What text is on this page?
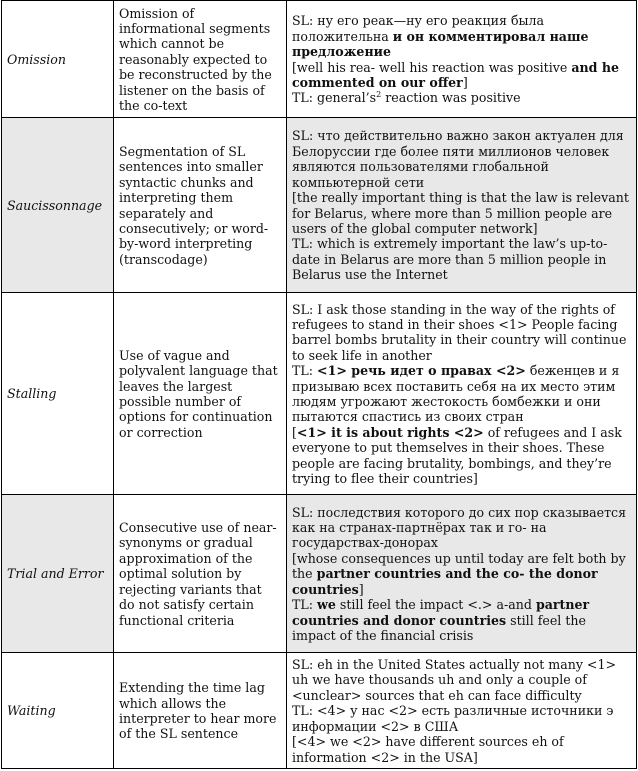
Omission	Omission of informational segments which cannot be reasonably expected to be reconstructed by the listener on the basis of the co-text	SL: ну его реак—ну его реакция была положительна и он комментировал наше предложение

[well his rea- well his reaction was positive and he commented on our offer]

TL: $general’s^2$ reaction was positive

Saucissonnage	Segmentation of SL sentences into smaller syntactic chunks and interpreting them separately and consecutively; or word-by-word interpreting (transcodage)	SL: что действительно важно закон актуален для Белоруссии где более пяти миллионов человек являются пользователями глобальной компьютерной сети

[the really important thing is that the law is relevant for Belarus, where more than 5 million people are users of the global computer network]

TL: which is extremely important the law’s up-to-date in Belarus are more than 5 million people in Belarus use the Internet

Stalling	Use of vague and polyvalent language that leaves the largest possible number of options for continuation or correction	SL: I ask those standing in the way of the rights of refugees to stand in their shoes <1> People facing barrel bombs brutality in their country will continue to seek life in another

TL: <1> речь идет о правах <2> беженцев и я призываю всех поставить себя на их место этим людям угрожают жестокость бомбежки и они пытаются спастись из своих стран

[<1> it is about rights <2> of refugees and I ask everyone to put themselves in their shoes. These people are facing brutality, bombings, and they’re trying to flee their countries]

Trial and Error	Consecutive use of near-synonyms or gradual approximation of the optimal solution by rejecting variants that do not satisfy certain functional criteria	SL: последствия которого до сих пор сказывается как на странах-партнёрах так и го- на государствах-донорах

[whose consequences up until today are felt both by the partner countries and the co- the donor countries]

TL: we still feel the impact <.> a-and partner countries and donor countries still feel the impact of the financial crisis

Waiting	Extending the time lag which allows the interpreter to hear more of the SL sentence	SL: eh in the United States actually not many <1> uh we have thousands uh and only a couple of <unclear> sources that eh can face difficulty

TL: <4> у нас <2> есть различные источники э информации <2> в США

[<4> we <2> have different sources eh of information <2> in the USA]
